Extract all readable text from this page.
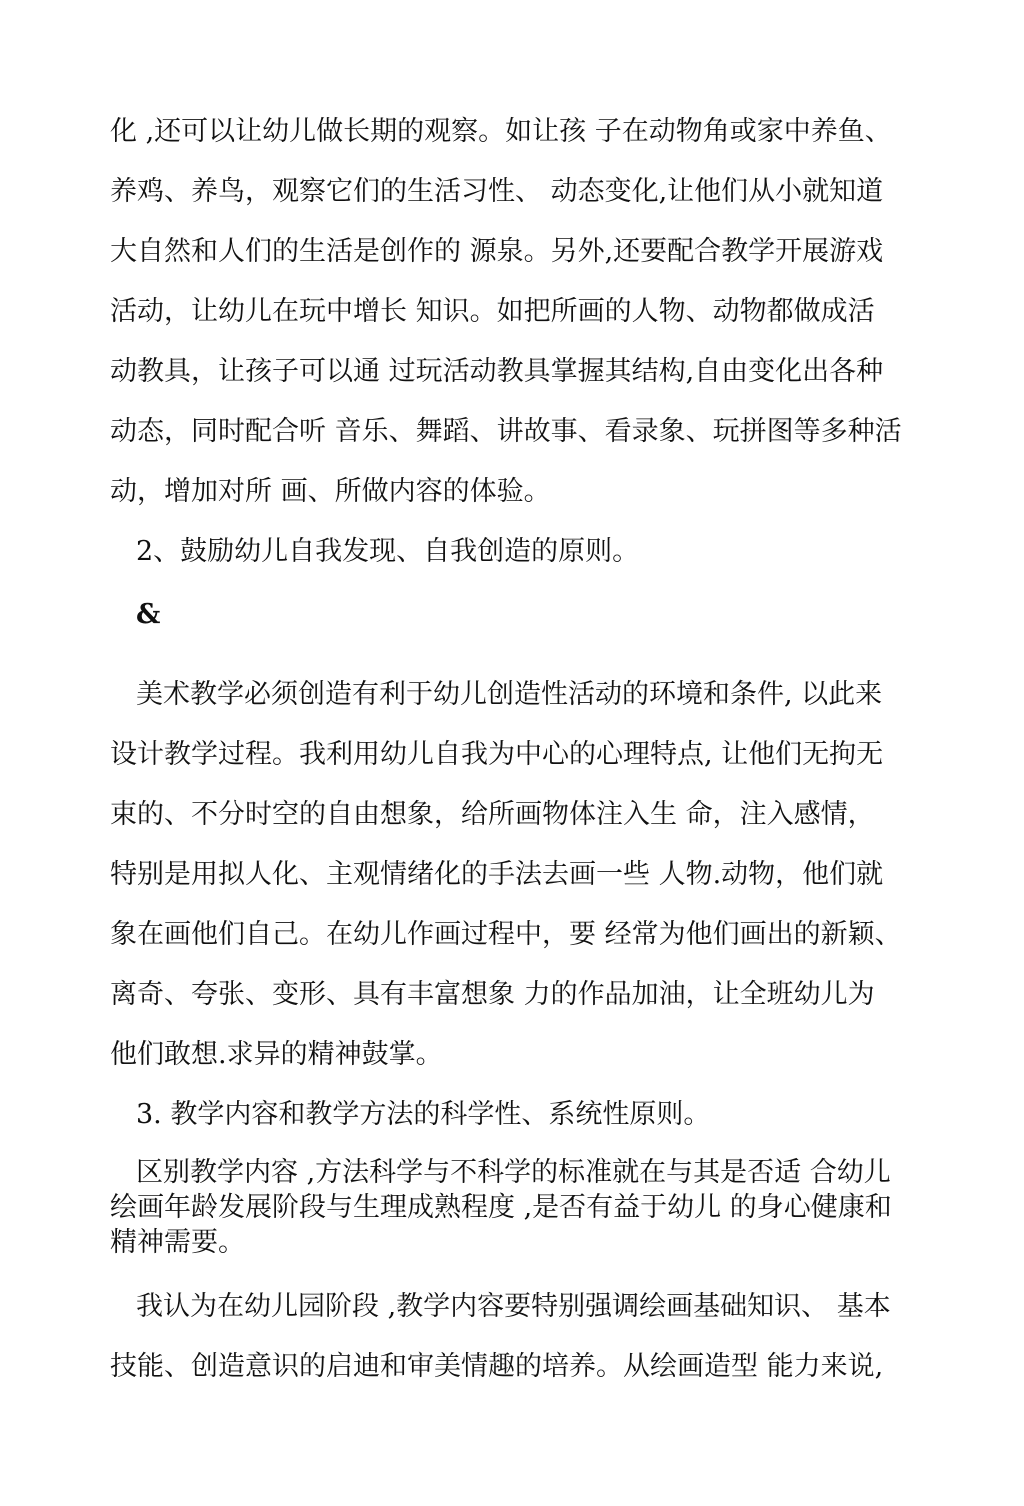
化 ,还可以让幼儿做长期的观察。如让孩 子在动物角或家中养鱼、
养鸡、养鸟，观察它们的生活习性、 动态变化,让他们从小就知道
大自然和人们的生活是创作的 源泉。另外,还要配合教学开展游戏
活动，让幼儿在玩中增长 知识。如把所画的人物、动物都做成活
动教具，让孩子可以通 过玩活动教具掌握其结构,自由变化出各种
动态，同时配合听 音乐、舞蹈、讲故事、看录象、玩拼图等多种活
动，增加对所 画、所做内容的体验。
2、鼓励幼儿自我发现、自我创造的原则。
&
美术教学必须创造有利于幼儿创造性活动的环境和条件, 以此来
设计教学过程。我利用幼儿自我为中心的心理特点, 让他们无拘无
束的、不分时空的自由想象，给所画物体注入生 命，注入感情，
特别是用拟人化、主观情绪化的手法去画一些 人物.动物，他们就
象在画他们自己。在幼儿作画过程中，要 经常为他们画出的新颖、
离奇、夸张、变形、具有丰富想象 力的作品加油，让全班幼儿为
他们敢想.求异的精神鼓掌。
3. 教学内容和教学方法的科学性、系统性原则。
区别教学内容 ,方法科学与不科学的标准就在与其是否适 合幼儿
绘画年龄发展阶段与生理成熟程度 ,是否有益于幼儿 的身心健康和
精神需要。
我认为在幼儿园阶段 ,教学内容要特别强调绘画基础知识、 基本
技能、创造意识的启迪和审美情趣的培养。从绘画造型 能力来说,
